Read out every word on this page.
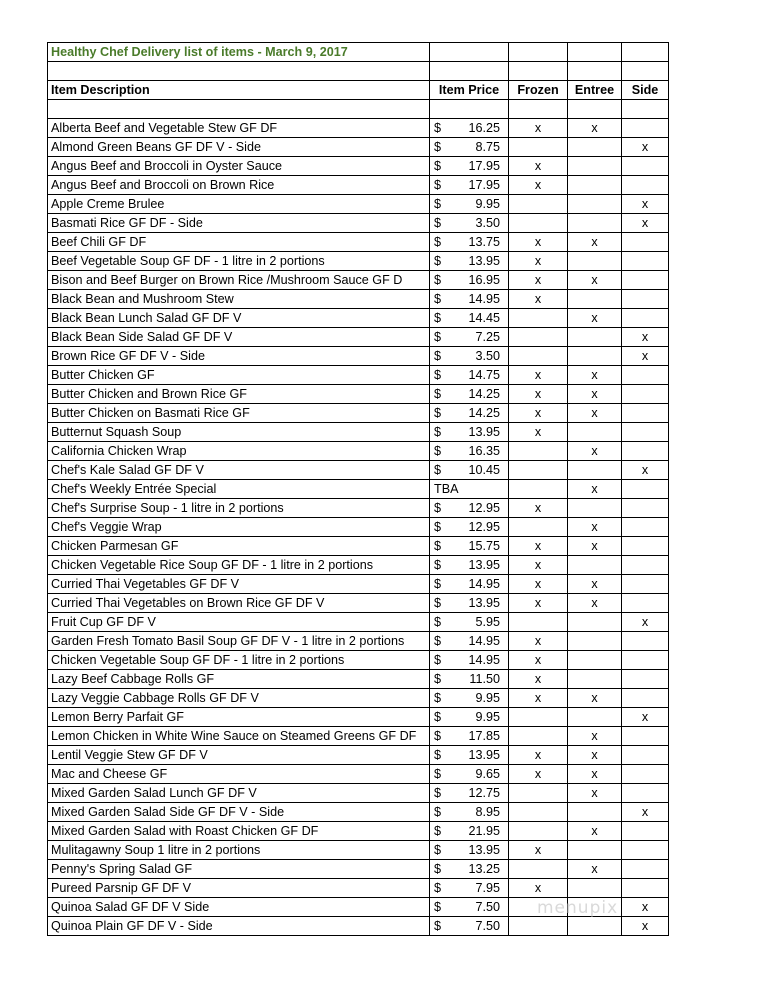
Healthy Chef Delivery list of items - March 9, 2017				

Item Description	Item Price	Frozen	Entree	Side

Alberta Beef and Vegetable Stew GF DF	$ 16.25	x	x	
Almond Green Beans GF DF V - Side	$ 8.75			x
Angus Beef and Broccoli in Oyster Sauce	$ 17.95	x		
Angus Beef and Broccoli on Brown Rice	$ 17.95	x		
Apple Creme Brulee	$ 9.95			x
Basmati Rice GF DF - Side	$ 3.50			x
Beef Chili GF DF	$ 13.75	x	x	
Beef Vegetable Soup GF DF - 1 litre in 2 portions	$ 13.95	x		
Bison and Beef Burger on Brown Rice /Mushroom Sauce GF D	$ 16.95	x	x	
Black Bean and Mushroom Stew	$ 14.95	x		
Black Bean Lunch Salad GF DF V	$ 14.45		x	
Black Bean Side Salad GF DF V	$ 7.25			x
Brown Rice GF DF V - Side	$ 3.50			x
Butter Chicken GF	$ 14.75	x	x	
Butter Chicken and Brown Rice GF	$ 14.25	x	x	
Butter Chicken on Basmati Rice GF	$ 14.25	x	x	
Butternut Squash Soup	$ 13.95	x		
California Chicken Wrap	$ 16.35		x	
Chef's Kale Salad GF DF V	$ 10.45			x
Chef's Weekly Entrée Special	TBA		x	
Chef's Surprise Soup - 1 litre in 2 portions	$ 12.95	x		
Chef's Veggie Wrap	$ 12.95		x	
Chicken Parmesan GF	$ 15.75	x	x	
Chicken Vegetable Rice Soup GF DF - 1 litre in 2 portions	$ 13.95	x		
Curried Thai Vegetables GF DF V	$ 14.95	x	x	
Curried Thai Vegetables on Brown Rice GF DF V	$ 13.95	x	x	
Fruit Cup GF DF V	$ 5.95			x
Garden Fresh Tomato Basil Soup GF DF V - 1 litre in 2 portions	$ 14.95	x		
Chicken Vegetable Soup GF DF - 1 litre in 2 portions	$ 14.95	x		
Lazy Beef Cabbage Rolls GF	$ 11.50	x		
Lazy Veggie Cabbage Rolls GF DF V	$ 9.95	x	x	
Lemon Berry Parfait GF	$ 9.95			x
Lemon Chicken in White Wine Sauce on Steamed Greens GF DF	$ 17.85		x	
Lentil Veggie Stew GF DF V	$ 13.95	x	x	
Mac and Cheese GF	$ 9.65	x	x	
Mixed Garden Salad Lunch GF DF V	$ 12.75		x	
Mixed Garden Salad Side GF DF V - Side	$ 8.95			x
Mixed Garden Salad with Roast Chicken GF DF	$ 21.95		x	
Mulitagawny Soup 1 litre in 2 portions	$ 13.95	x		
Penny's Spring Salad GF	$ 13.25		x	
Pureed Parsnip GF DF V	$ 7.95	x		
Quinoa Salad GF DF V Side	$ 7.50			x
Quinoa Plain GF DF V - Side	$ 7.50			x
menupix
